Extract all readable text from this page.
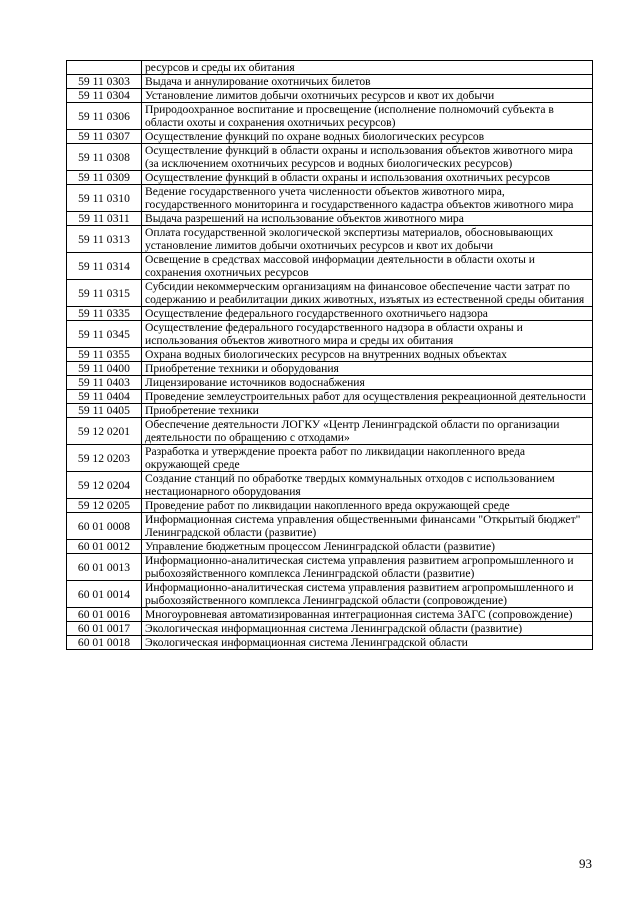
	ресурсов и среды их обитания
59 11 0303	Выдача и аннулирование охотничьих билетов
59 11 0304	Установление лимитов добычи охотничьих ресурсов и квот их добычи
59 11 0306	Природоохранное воспитание и просвещение (исполнение полномочий субъекта в области охоты и сохранения охотничьих ресурсов)
59 11 0307	Осуществление функций по охране водных биологических ресурсов
59 11 0308	Осуществление функций в области охраны и использования объектов животного мира (за исключением охотничьих ресурсов и водных биологических ресурсов)
59 11 0309	Осуществление функций в области охраны и использования охотничьих ресурсов
59 11 0310	Ведение государственного учета численности объектов животного мира, государственного мониторинга и государственного кадастра объектов животного мира
59 11 0311	Выдача разрешений на использование объектов животного мира
59 11 0313	Оплата государственной экологической экспертизы материалов, обосновывающих установление лимитов добычи охотничьих ресурсов и квот их добычи
59 11 0314	Освещение в средствах массовой информации деятельности в области охоты и сохранения охотничьих ресурсов
59 11 0315	Субсидии некоммерческим организациям на финансовое обеспечение части затрат по содержанию и реабилитации диких животных, изъятых из естественной среды обитания
59 11 0335	Осуществление федерального государственного охотничьего надзора
59 11 0345	Осуществление федерального государственного надзора в области охраны и использования объектов животного мира и среды их обитания
59 11 0355	Охрана водных биологических ресурсов на внутренних водных объектах
59 11 0400	Приобретение техники и оборудования
59 11 0403	Лицензирование источников водоснабжения
59 11 0404	Проведение землеустроительных работ для осуществления рекреационной деятельности
59 11 0405	Приобретение техники
59 12 0201	Обеспечение деятельности ЛОГКУ «Центр Ленинградской области по организации деятельности по обращению с отходами»
59 12 0203	Разработка и утверждение проекта работ по ликвидации накопленного вреда окружающей среде
59 12 0204	Создание станций по обработке твердых коммунальных отходов с использованием нестационарного оборудования
59 12 0205	Проведение работ по ликвидации накопленного вреда окружающей среде
60 01 0008	Информационная система управления общественными финансами "Открытый бюджет" Ленинградской области (развитие)
60 01 0012	Управление бюджетным процессом Ленинградской области (развитие)
60 01 0013	Информационно-аналитическая система управления развитием агропромышленного и рыбохозяйственного комплекса Ленинградской области (развитие)
60 01 0014	Информационно-аналитическая система управления развитием агропромышленного и рыбохозяйственного комплекса Ленинградской области (сопровождение)
60 01 0016	Многоуровневая автоматизированная интеграционная система ЗАГС (сопровождение)
60 01 0017	Экологическая информационная система Ленинградской области (развитие)
60 01 0018	Экологическая информационная система Ленинградской области
93
